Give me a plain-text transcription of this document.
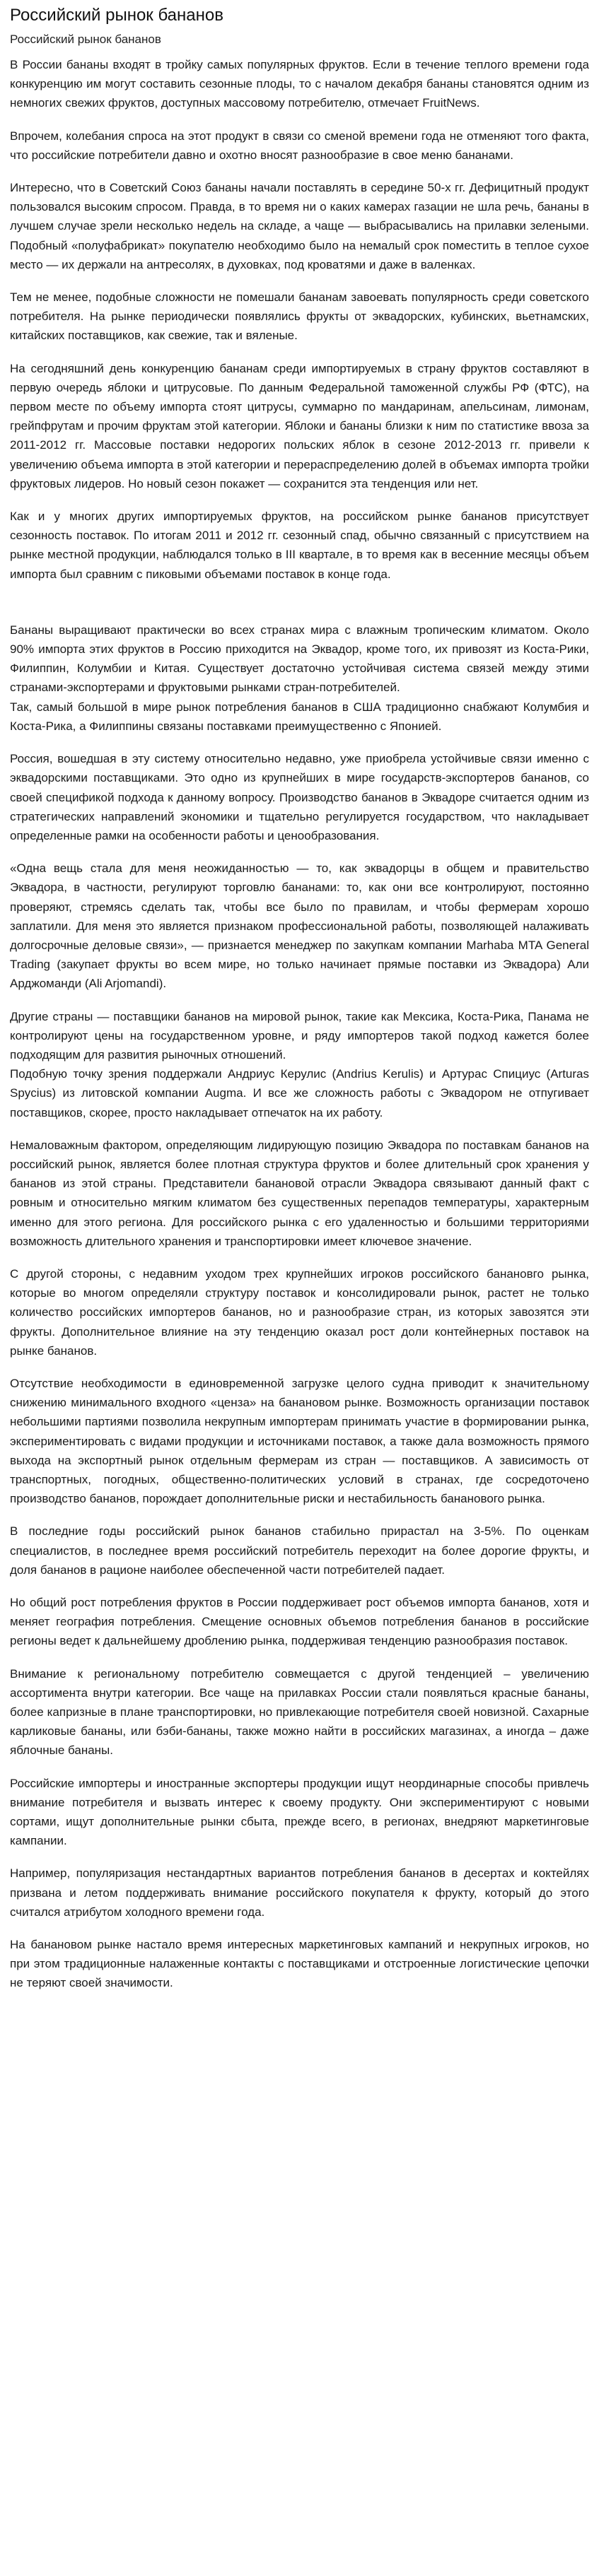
Российский рынок бананов
Российский рынок бананов

В России бананы входят в тройку самых популярных фруктов. Если в течение теплого времени года конкуренцию им могут составить сезонные плоды, то с началом декабря бананы становятся одним из немногих свежих фруктов, доступных массовому потребителю, отмечает FruitNews.

Впрочем, колебания спроса на этот продукт в связи со сменой времени года не отменяют того факта, что российские потребители давно и охотно вносят разнообразие в свое меню бананами.

Интересно, что в Советский Союз бананы начали поставлять в середине 50-х гг. Дефицитный продукт пользовался высоким спросом. Правда, в то время ни о каких камерах газации не шла речь, бананы в лучшем случае зрели несколько недель на складе, а чаще — выбрасывались на прилавки зелеными. Подобный «полуфабрикат» покупателю необходимо было на немалый срок поместить в теплое сухое место — их держали на антресолях, в духовках, под кроватями и даже в валенках.

Тем не менее, подобные сложности не помешали бананам завоевать популярность среди советского потребителя. На рынке периодически появлялись фрукты от эквадорских, кубинских, вьетнамских, китайских поставщиков, как свежие, так и вяленые.

На сегодняшний день конкуренцию бананам среди импортируемых в страну фруктов составляют в первую очередь яблоки и цитрусовые. По данным Федеральной таможенной службы РФ (ФТС), на первом месте по объему импорта стоят цитрусы, суммарно по мандаринам, апельсинам, лимонам, грейпфрутам и прочим фруктам этой категории. Яблоки и бананы близки к ним по статистике ввоза за 2011-2012 гг. Массовые поставки недорогих польских яблок в сезоне 2012-2013 гг. привели к увеличению объема импорта в этой категории и перераспределению долей в объемах импорта тройки фруктовых лидеров. Но новый сезон покажет — сохранится эта тенденция или нет.

Как и у многих других импортируемых фруктов, на российском рынке бананов присутствует сезонность поставок. По итогам 2011 и 2012 гг. сезонный спад, обычно связанный с присутствием на рынке местной продукции, наблюдался только в III квартале, в то время как в весенние месяцы объем импорта был сравним с пиковыми объемами поставок в конце года.

Бананы выращивают практически во всех странах мира с влажным тропическим климатом. Около 90% импорта этих фруктов в Россию приходится на Эквадор, кроме того, их привозят из Коста-Рики, Филиппин, Колумбии и Китая. Существует достаточно устойчивая система связей между этими странами-экспортерами и фруктовыми рынками стран-потребителей.

Так, самый большой в мире рынок потребления бананов в США традиционно снабжают Колумбия и Коста-Рика, а Филиппины связаны поставками преимущественно с Японией.

Россия, вошедшая в эту систему относительно недавно, уже приобрела устойчивые связи именно с эквадорскими поставщиками. Это одно из крупнейших в мире государств-экспортеров бананов, со своей спецификой подхода к данному вопросу. Производство бананов в Эквадоре считается одним из стратегических направлений экономики и тщательно регулируется государством, что накладывает определенные рамки на особенности работы и ценообразования.

«Одна вещь стала для меня неожиданностью — то, как эквадорцы в общем и правительство Эквадора, в частности, регулируют торговлю бананами: то, как они все контролируют, постоянно проверяют, стремясь сделать так, чтобы все было по правилам, и чтобы фермерам хорошо заплатили. Для меня это является признаком профессиональной работы, позволяющей налаживать долгосрочные деловые связи», — признается менеджер по закупкам компании Marhaba MTA General Trading (закупает фрукты во всем мире, но только начинает прямые поставки из Эквадора) Али Арджоманди (Ali Arjomandi).

Другие страны — поставщики бананов на мировой рынок, такие как Мексика, Коста-Рика, Панама не контролируют цены на государственном уровне, и ряду импортеров такой подход кажется более подходящим для развития рыночных отношений.

Подобную точку зрения поддержали Андриус Керулис (Andrius Kerulis) и Артурас Спициус (Arturas Spycius) из литовской компании Augma. И все же сложность работы с Эквадором не отпугивает поставщиков, скорее, просто накладывает отпечаток на их работу.

Немаловажным фактором, определяющим лидирующую позицию Эквадора по поставкам бананов на российский рынок, является более плотная структура фруктов и более длительный срок хранения у бананов из этой страны. Представители банановой отрасли Эквадора связывают данный факт с ровным и относительно мягким климатом без существенных перепадов температуры, характерным именно для этого региона. Для российского рынка с его удаленностью и большими территориями возможность длительного хранения и транспортировки имеет ключевое значение.

С другой стороны, с недавним уходом трех крупнейших игроков российского банановго рынка, которые во многом определяли структуру поставок и консолидировали рынок, растет не только количество российских импортеров бананов, но и разнообразие стран, из которых завозятся эти фрукты. Дополнительное влияние на эту тенденцию оказал рост доли контейнерных поставок на рынке бананов.

Отсутствие необходимости в единовременной загрузке целого судна приводит к значительному снижению минимального входного «ценза» на банановом рынке. Возможность организации поставок небольшими партиями позволила некрупным импортерам принимать участие в формировании рынка, экспериментировать с видами продукции и источниками поставок, а также дала возможность прямого выхода на экспортный рынок отдельным фермерам из стран — поставщиков. А зависимость от транспортных, погодных, общественно-политических условий в странах, где сосредоточено производство бананов, порождает дополнительные риски и нестабильность бананового рынка.

В последние годы российский рынок бананов стабильно прирастал на 3-5%. По оценкам специалистов, в последнее время российский потребитель переходит на более дорогие фрукты, и доля бананов в рационе наиболее обеспеченной части потребителей падает.

Но общий рост потребления фруктов в России поддерживает рост объемов импорта бананов, хотя и меняет география потребления. Смещение основных объемов потребления бананов в российские регионы ведет к дальнейшему дроблению рынка, поддерживая тенденцию разнообразия поставок.

Внимание к региональному потребителю совмещается с другой тенденцией – увеличению ассортимента внутри категории. Все чаще на прилавках России стали появляться красные бананы, более капризные в плане транспортировки, но привлекающие потребителя своей новизной. Сахарные карликовые бананы, или бэби-бананы, также можно найти в российских магазинах, а иногда – даже яблочные бананы.

Российские импортеры и иностранные экспортеры продукции ищут неординарные способы привлечь внимание потребителя и вызвать интерес к своему продукту. Они экспериментируют с новыми сортами, ищут дополнительные рынки сбыта, прежде всего, в регионах, внедряют маркетинговые кампании.

Например, популяризация нестандартных вариантов потребления бананов в десертах и коктейлях призвана и летом поддерживать внимание российского покупателя к фрукту, который до этого считался атрибутом холодного времени года.

На банановом рынке настало время интересных маркетинговых кампаний и некрупных игроков, но при этом традиционные налаженные контакты с поставщиками и отстроенные логистические цепочки не теряют своей значимости.
